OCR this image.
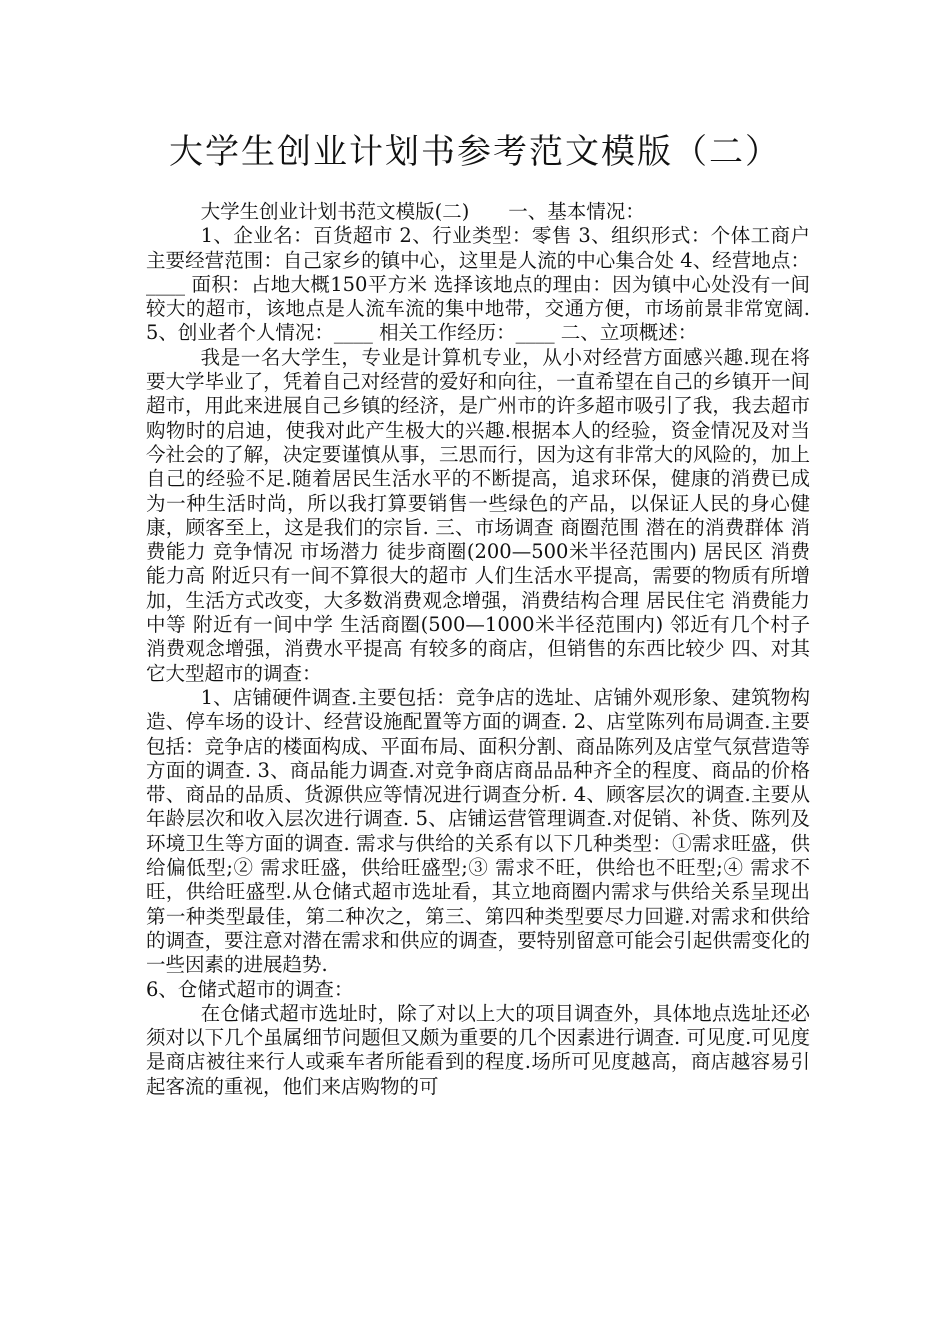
大学生创业计划书参考范文模版（二）

大学生创业计划书范文模版(二)　　一、基本情况：

1、企业名：百货超市 2、行业类型：零售 3、组织形式：个体工商户 主要经营范围：自己家乡的镇中心，这里是人流的中心集合处 4、经营地点：____ 面积：占地大概150平方米 选择该地点的理由：因为镇中心处没有一间较大的超市，该地点是人流车流的集中地带，交通方便，市场前景非常宽阔. 5、创业者个人情况：____ 相关工作经历：____ 二、立项概述：

我是一名大学生，专业是计算机专业，从小对经营方面感兴趣.现在将要大学毕业了，凭着自己对经营的爱好和向往，一直希望在自己的乡镇开一间超市，用此来进展自己乡镇的经济，是广州市的许多超市吸引了我，我去超市购物时的启迪，使我对此产生极大的兴趣.根据本人的经验，资金情况及对当今社会的了解，决定要谨慎从事，三思而行，因为这有非常大的风险的，加上自己的经验不足.随着居民生活水平的不断提高，追求环保，健康的消费已成为一种生活时尚，所以我打算要销售一些绿色的产品，以保证人民的身心健康，顾客至上，这是我们的宗旨. 三、市场调查 商圈范围 潜在的消费群体 消费能力 竞争情况 市场潜力 徒步商圈(200—500米半径范围内) 居民区 消费能力高 附近只有一间不算很大的超市 人们生活水平提高，需要的物质有所增加，生活方式改变，大多数消费观念增强，消费结构合理 居民住宅 消费能力中等 附近有一间中学 生活商圈(500—1000米半径范围内) 邻近有几个村子 消费观念增强，消费水平提高 有较多的商店，但销售的东西比较少 四、对其它大型超市的调查：

1、店铺硬件调查.主要包括：竞争店的选址、店铺外观形象、建筑物构造、停车场的设计、经营设施配置等方面的调查. 2、店堂陈列布局调查.主要包括：竞争店的楼面构成、平面布局、面积分割、商品陈列及店堂气氛营造等方面的调查. 3、商品能力调查.对竞争商店商品品种齐全的程度、商品的价格带、商品的品质、货源供应等情况进行调查分析. 4、顾客层次的调查.主要从年龄层次和收入层次进行调查. 5、店铺运营管理调查.对促销、补货、陈列及环境卫生等方面的调查. 需求与供给的关系有以下几种类型：①需求旺盛，供给偏低型;② 需求旺盛，供给旺盛型;③ 需求不旺，供给也不旺型;④ 需求不旺，供给旺盛型.从仓储式超市选址看，其立地商圈内需求与供给关系呈现出第一种类型最佳，第二种次之，第三、第四种类型要尽力回避.对需求和供给的调查，要注意对潜在需求和供应的调查，要特别留意可能会引起供需变化的一些因素的进展趋势.

6、仓储式超市的调查：

在仓储式超市选址时，除了对以上大的项目调查外，具体地点选址还必须对以下几个虽属细节问题但又颇为重要的几个因素进行调查. 可见度.可见度是商店被往来行人或乘车者所能看到的程度.场所可见度越高，商店越容易引起客流的重视，他们来店购物的可
